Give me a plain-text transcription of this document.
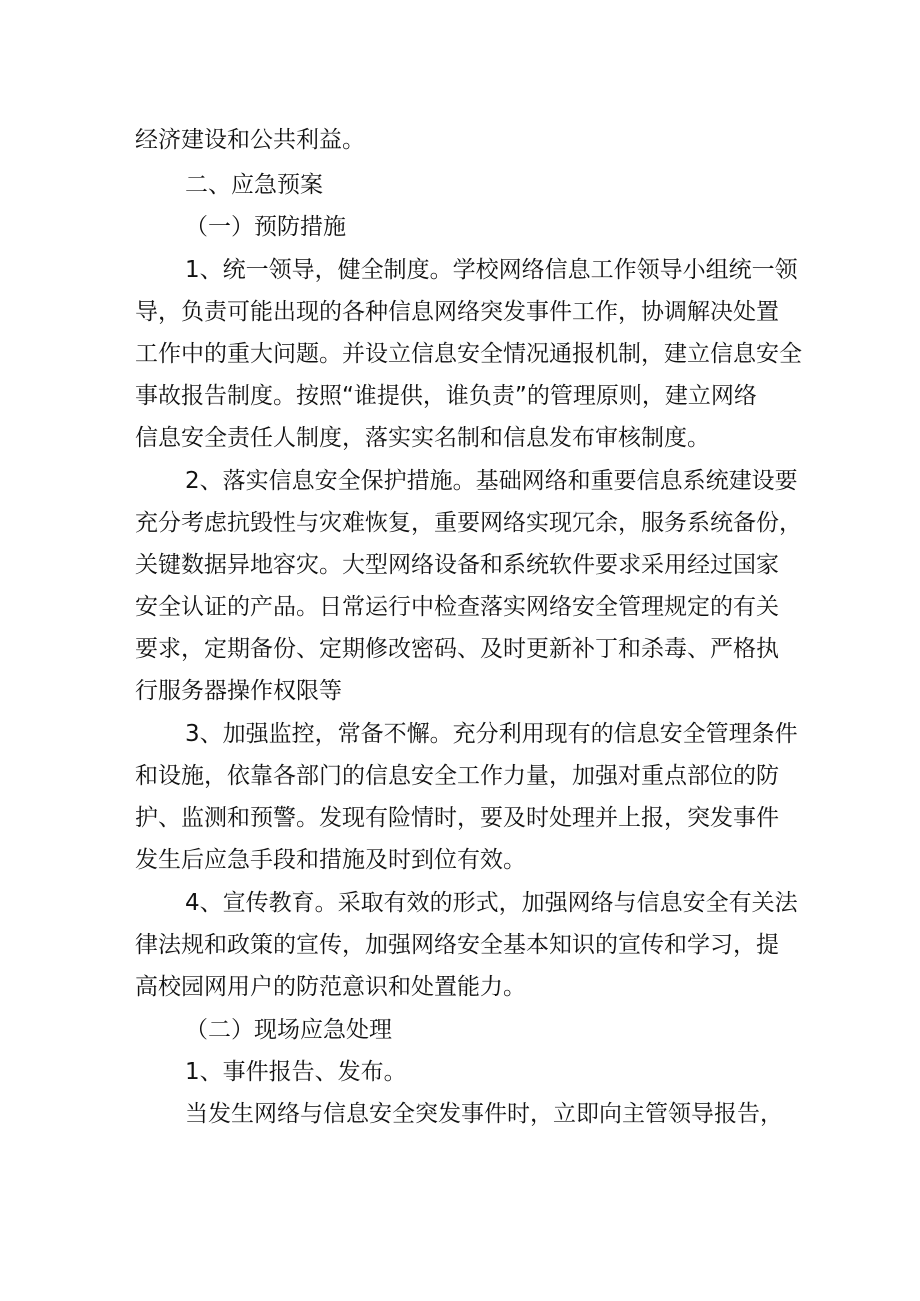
经济建设和公共利益。

二、应急预案

（一）预防措施

1、统一领导，健全制度。学校网络信息工作领导小组统一领

导，负责可能出现的各种信息网络突发事件工作，协调解决处置

工作中的重大问题。并设立信息安全情况通报机制，建立信息安全

事故报告制度。按照“谁提供，谁负责”的管理原则，建立网络

信息安全责任人制度，落实实名制和信息发布审核制度。

2、落实信息安全保护措施。基础网络和重要信息系统建设要

充分考虑抗毁性与灾难恢复，重要网络实现冗余，服务系统备份，

关键数据异地容灾。大型网络设备和系统软件要求采用经过国家

安全认证的产品。日常运行中检查落实网络安全管理规定的有关

要求，定期备份、定期修改密码、及时更新补丁和杀毒、严格执

行服务器操作权限等

3、加强监控，常备不懈。充分利用现有的信息安全管理条件

和设施，依靠各部门的信息安全工作力量，加强对重点部位的防

护、监测和预警。发现有险情时，要及时处理并上报，突发事件

发生后应急手段和措施及时到位有效。

4、宣传教育。采取有效的形式，加强网络与信息安全有关法

律法规和政策的宣传，加强网络安全基本知识的宣传和学习，提

高校园网用户的防范意识和处置能力。

（二）现场应急处理

1、事件报告、发布。

当发生网络与信息安全突发事件时，立即向主管领导报告，
